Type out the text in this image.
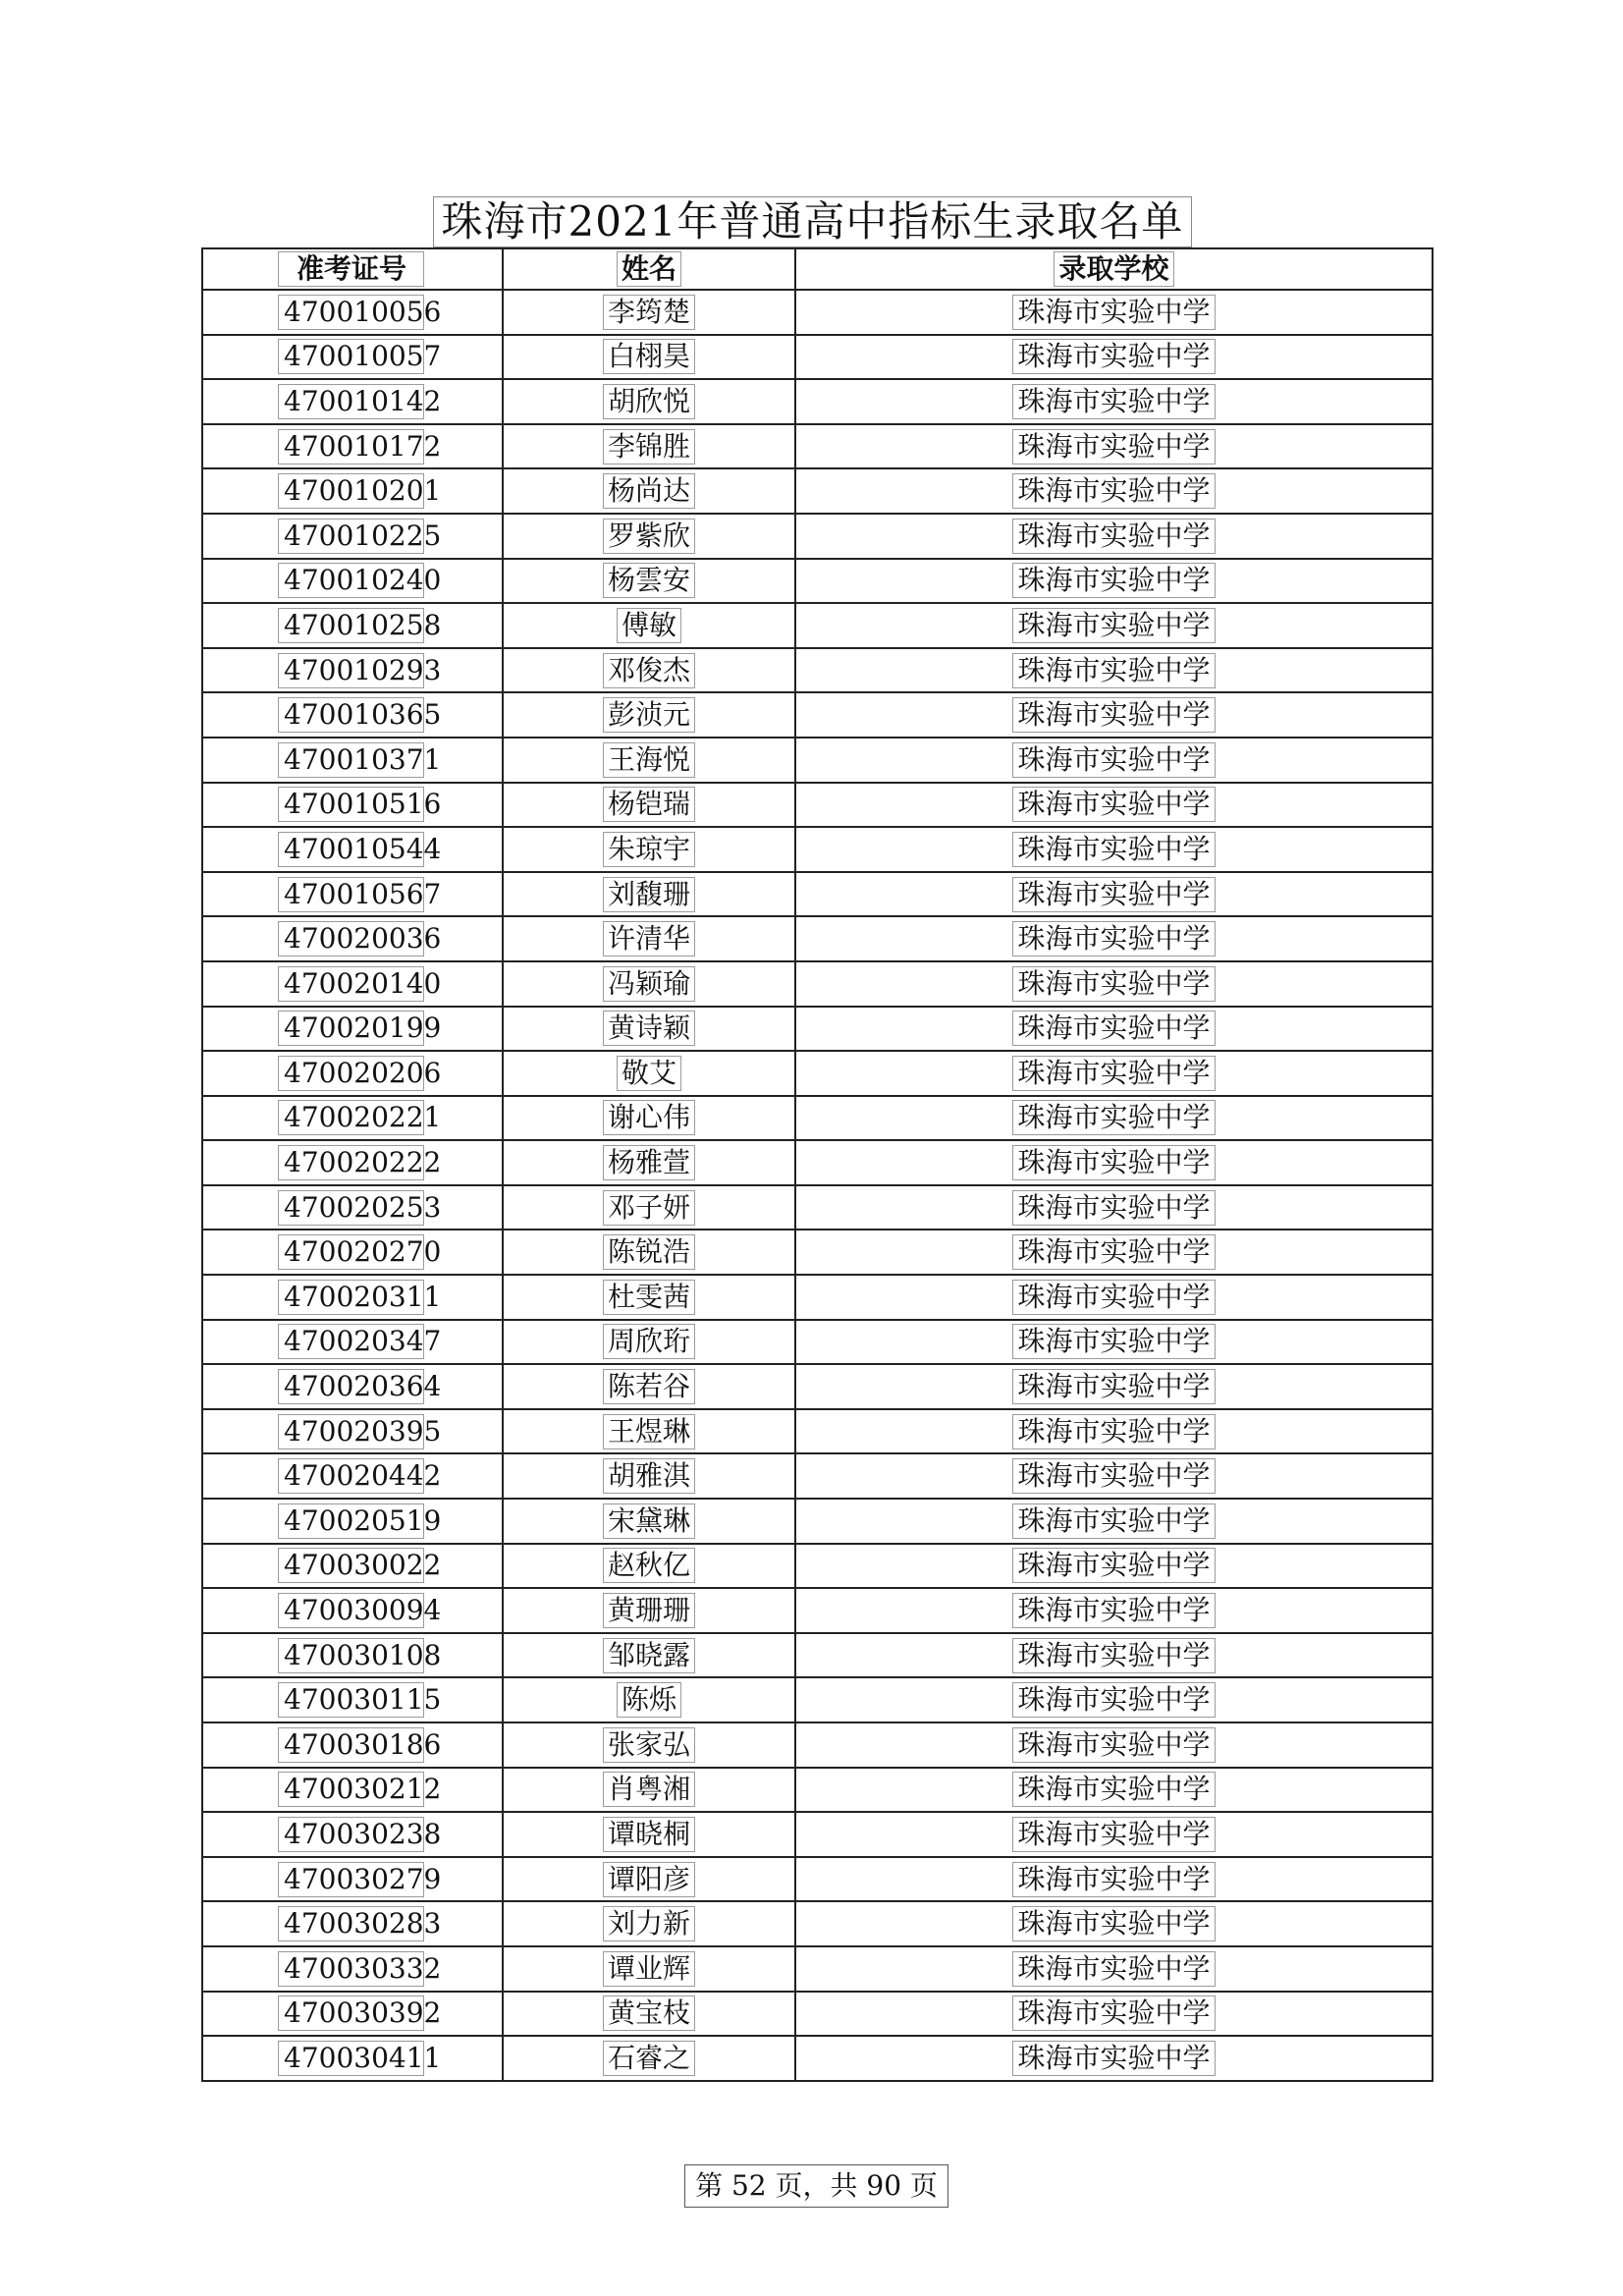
珠海市2021年普通高中指标生录取名单
准考证号	姓名	录取学校
470010056	李筠楚	珠海市实验中学
470010057	白栩昊	珠海市实验中学
470010142	胡欣悦	珠海市实验中学
470010172	李锦胜	珠海市实验中学
470010201	杨尚达	珠海市实验中学
470010225	罗紫欣	珠海市实验中学
470010240	杨雲安	珠海市实验中学
470010258	傅敏	珠海市实验中学
470010293	邓俊杰	珠海市实验中学
470010365	彭浈元	珠海市实验中学
470010371	王海悦	珠海市实验中学
470010516	杨铠瑞	珠海市实验中学
470010544	朱琼宇	珠海市实验中学
470010567	刘馥珊	珠海市实验中学
470020036	许清华	珠海市实验中学
470020140	冯颖瑜	珠海市实验中学
470020199	黄诗颖	珠海市实验中学
470020206	敬艾	珠海市实验中学
470020221	谢心伟	珠海市实验中学
470020222	杨雅萱	珠海市实验中学
470020253	邓子妍	珠海市实验中学
470020270	陈锐浩	珠海市实验中学
470020311	杜雯茜	珠海市实验中学
470020347	周欣珩	珠海市实验中学
470020364	陈若谷	珠海市实验中学
470020395	王煜琳	珠海市实验中学
470020442	胡雅淇	珠海市实验中学
470020519	宋黛琳	珠海市实验中学
470030022	赵秋亿	珠海市实验中学
470030094	黄珊珊	珠海市实验中学
470030108	邹晓露	珠海市实验中学
470030115	陈烁	珠海市实验中学
470030186	张家弘	珠海市实验中学
470030212	肖粤湘	珠海市实验中学
470030238	谭晓桐	珠海市实验中学
470030279	谭阳彦	珠海市实验中学
470030283	刘力新	珠海市实验中学
470030332	谭业辉	珠海市实验中学
470030392	黄宝枝	珠海市实验中学
470030411	石睿之	珠海市实验中学
第 52 页，共 90 页
